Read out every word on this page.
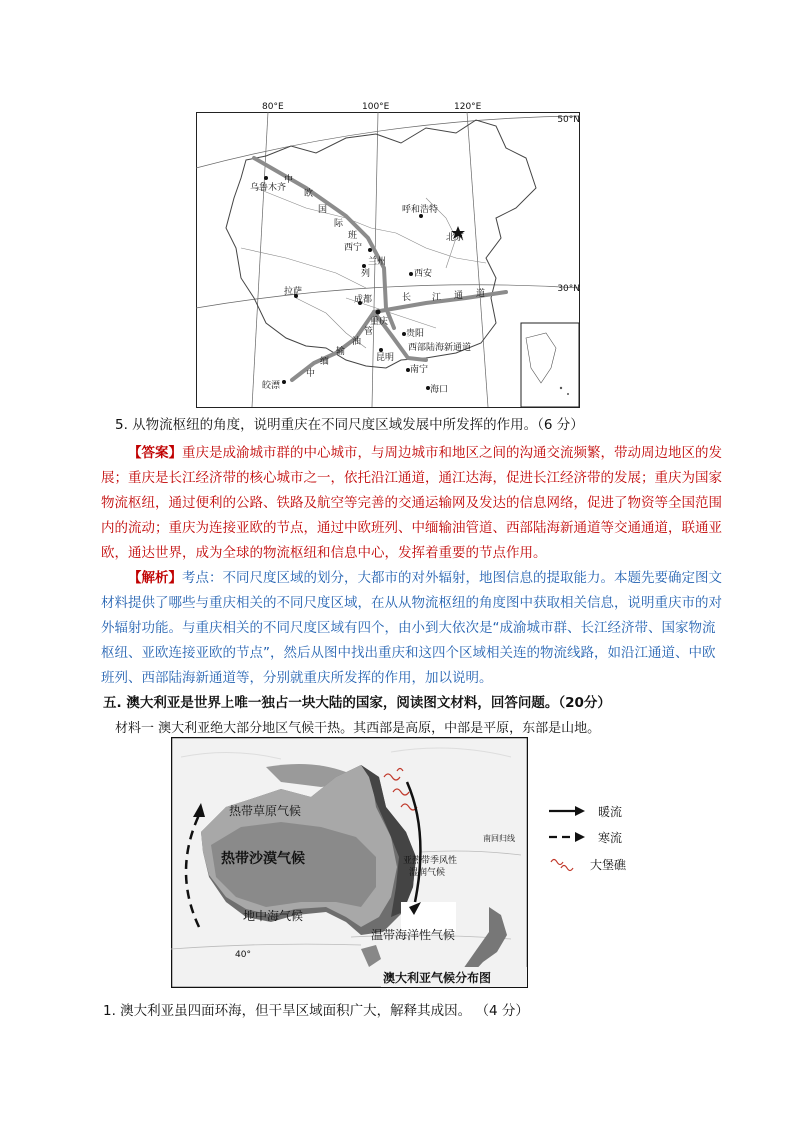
50°N
30°N
80°E	100°E	120°E
乌鲁木齐
呼和浩特
北京
西宁
兰州
西安
拉萨
成都
重庆
贵阳
昆明
南宁
海口
皎漂
中
欧
国
际
班
列
西部陆海新通道
长 江 通 道
中
缅
输
油
管
5. 从物流枢纽的角度，说明重庆在不同尺度区域发展中所发挥的作用。（6 分）
【答案】重庆是成渝城市群的中心城市，与周边城市和地区之间的沟通交流频繁，带动周边地区的发
展；重庆是长江经济带的核心城市之一，依托沿江通道，通江达海，促进长江经济带的发展；重庆为国家
物流枢纽，通过便利的公路、铁路及航空等完善的交通运输网及发达的信息网络，促进了物资等全国范围
内的流动；重庆为连接亚欧的节点，通过中欧班列、中缅输油管道、西部陆海新通道等交通通道，联通亚
欧，通达世界，成为全球的物流枢纽和信息中心，发挥着重要的节点作用。
【解析】考点：不同尺度区域的划分，大都市的对外辐射，地图信息的提取能力。本题先要确定图文
材料提供了哪些与重庆相关的不同尺度区域，在从从物流枢纽的角度图中获取相关信息，说明重庆市的对
外辐射功能。与重庆相关的不同尺度区域有四个，由小到大依次是“成渝城市群、长江经济带、国家物流
枢纽、亚欧连接亚欧的节点”，然后从图中找出重庆和这四个区域相关连的物流线路，如沿江通道、中欧
班列、西部陆海新通道等，分别就重庆所发挥的作用，加以说明。
五. 澳大利亚是世界上唯一独占一块大陆的国家，阅读图文材料，回答问题。（20分）
材料一 澳大利亚绝大部分地区气候干热。其西部是高原，中部是平原，东部是山地。
热带草原气候
热带沙漠气候	亚热带季风性
湿润气候
地中海气候
温带海洋性气候
南回归线
40°
澳大利亚气候分布图
暖流
寒流
大堡礁
1. 澳大利亚虽四面环海，但干旱区域面积广大，解释其成因。 （4 分）
